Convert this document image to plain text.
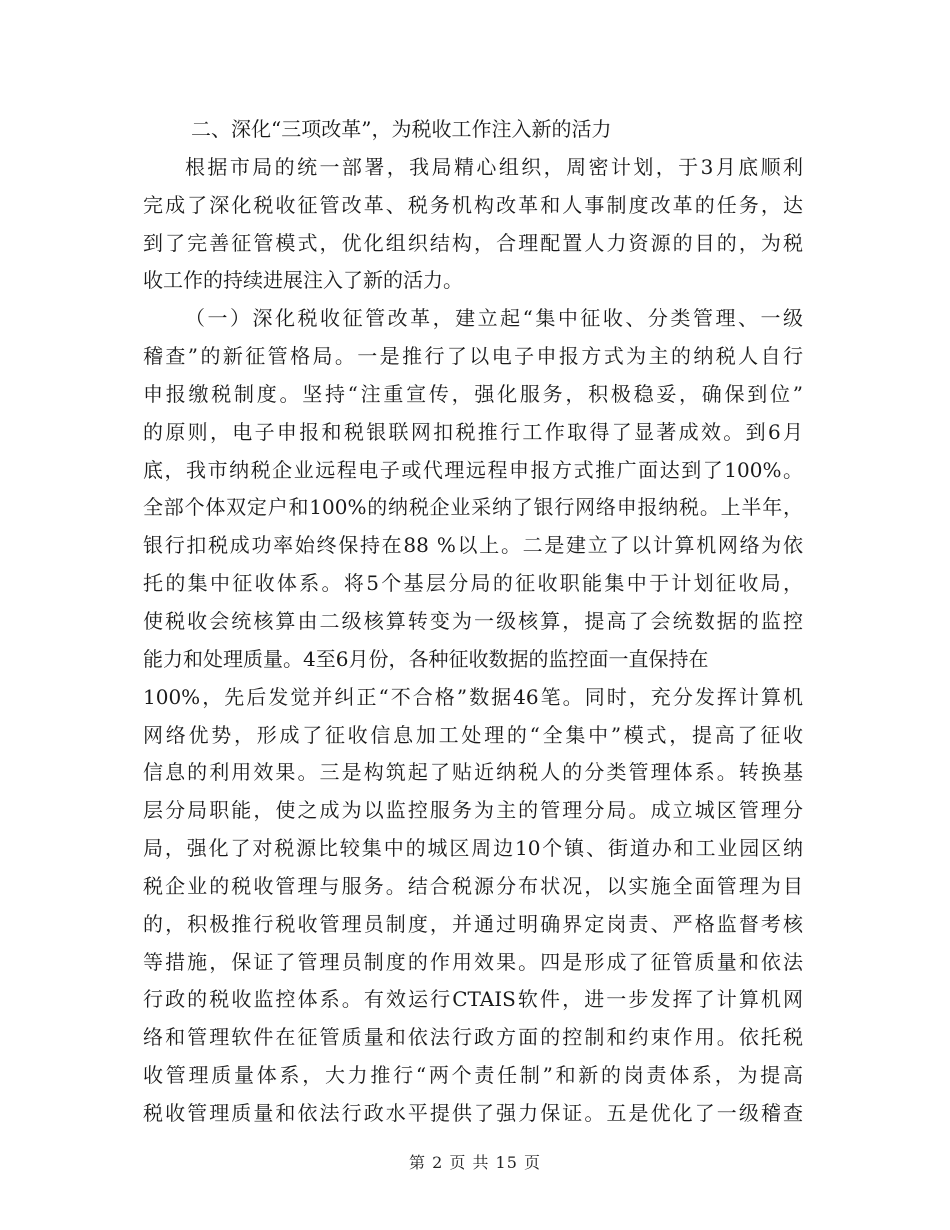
二、深化“三项改革”，为税收工作注入新的活力
根据市局的统一部署，我局精心组织，周密计划，于3月底顺利
完成了深化税收征管改革、税务机构改革和人事制度改革的任务，达
到了完善征管模式，优化组织结构，合理配置人力资源的目的，为税
收工作的持续进展注入了新的活力。
（一）深化税收征管改革，建立起“集中征收、分类管理、一级
稽查”的新征管格局。一是推行了以电子申报方式为主的纳税人自行
申报缴税制度。坚持“注重宣传，强化服务，积极稳妥，确保到位”
的原则，电子申报和税银联网扣税推行工作取得了显著成效。到6月
底，我市纳税企业远程电子或代理远程申报方式推广面达到了100%。
全部个体双定户和100%的纳税企业采纳了银行网络申报纳税。上半年，
银行扣税成功率始终保持在88 %以上。二是建立了以计算机网络为依
托的集中征收体系。将5个基层分局的征收职能集中于计划征收局，
使税收会统核算由二级核算转变为一级核算，提高了会统数据的监控
能力和处理质量。4至6月份，各种征收数据的监控面一直保持在
100%，先后发觉并纠正“不合格”数据46笔。同时，充分发挥计算机
网络优势，形成了征收信息加工处理的“全集中”模式，提高了征收
信息的利用效果。三是构筑起了贴近纳税人的分类管理体系。转换基
层分局职能，使之成为以监控服务为主的管理分局。成立城区管理分
局，强化了对税源比较集中的城区周边10个镇、街道办和工业园区纳
税企业的税收管理与服务。结合税源分布状况，以实施全面管理为目
的，积极推行税收管理员制度，并通过明确界定岗责、严格监督考核
等措施，保证了管理员制度的作用效果。四是形成了征管质量和依法
行政的税收监控体系。有效运行CTAIS软件，进一步发挥了计算机网
络和管理软件在征管质量和依法行政方面的控制和约束作用。依托税
收管理质量体系，大力推行“两个责任制”和新的岗责体系，为提高
税收管理质量和依法行政水平提供了强力保证。五是优化了一级稽查
第 2 页 共 15 页
